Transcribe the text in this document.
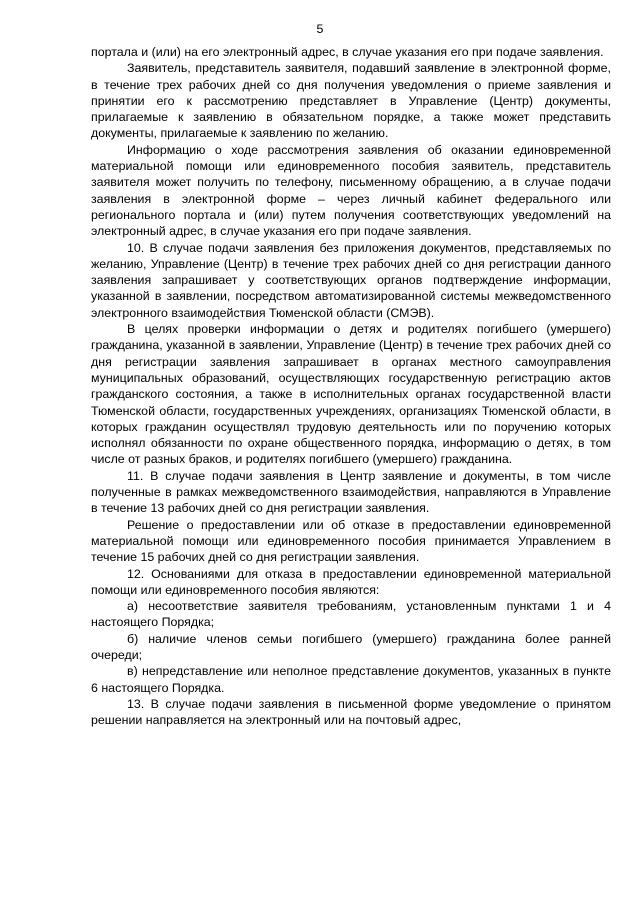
5

портала и (или) на его электронный адрес, в случае указания его при подаче заявления.

Заявитель, представитель заявителя, подавший заявление в электронной форме, в течение трех рабочих дней со дня получения уведомления о приеме заявления и принятии его к рассмотрению представляет в Управление (Центр) документы, прилагаемые к заявлению в обязательном порядке, а также может представить документы, прилагаемые к заявлению по желанию.

Информацию о ходе рассмотрения заявления об оказании единовременной материальной помощи или единовременного пособия заявитель, представитель заявителя может получить по телефону, письменному обращению, а в случае подачи заявления в электронной форме – через личный кабинет федерального или регионального портала и (или) путем получения соответствующих уведомлений на электронный адрес, в случае указания его при подаче заявления.

10. В случае подачи заявления без приложения документов, представляемых по желанию, Управление (Центр) в течение трех рабочих дней со дня регистрации данного заявления запрашивает у соответствующих органов подтверждение информации, указанной в заявлении, посредством автоматизированной системы межведомственного электронного взаимодействия Тюменской области (СМЭВ).

В целях проверки информации о детях и родителях погибшего (умершего) гражданина, указанной в заявлении, Управление (Центр) в течение трех рабочих дней со дня регистрации заявления запрашивает в органах местного самоуправления муниципальных образований, осуществляющих государственную регистрацию актов гражданского состояния, а также в исполнительных органах государственной власти Тюменской области, государственных учреждениях, организациях Тюменской области, в которых гражданин осуществлял трудовую деятельность или по поручению которых исполнял обязанности по охране общественного порядка, информацию о детях, в том числе от разных браков, и родителях погибшего (умершего) гражданина.

11. В случае подачи заявления в Центр заявление и документы, в том числе полученные в рамках межведомственного взаимодействия, направляются в Управление в течение 13 рабочих дней со дня регистрации заявления.

Решение о предоставлении или об отказе в предоставлении единовременной материальной помощи или единовременного пособия принимается Управлением в течение 15 рабочих дней со дня регистрации заявления.

12. Основаниями для отказа в предоставлении единовременной материальной помощи или единовременного пособия являются:

а) несоответствие заявителя требованиям, установленным пунктами 1 и 4 настоящего Порядка;

б) наличие членов семьи погибшего (умершего) гражданина более ранней очереди;

в) непредставление или неполное представление документов, указанных в пункте 6 настоящего Порядка.

13. В случае подачи заявления в письменной форме уведомление о принятом решении направляется на электронный или на почтовый адрес,
